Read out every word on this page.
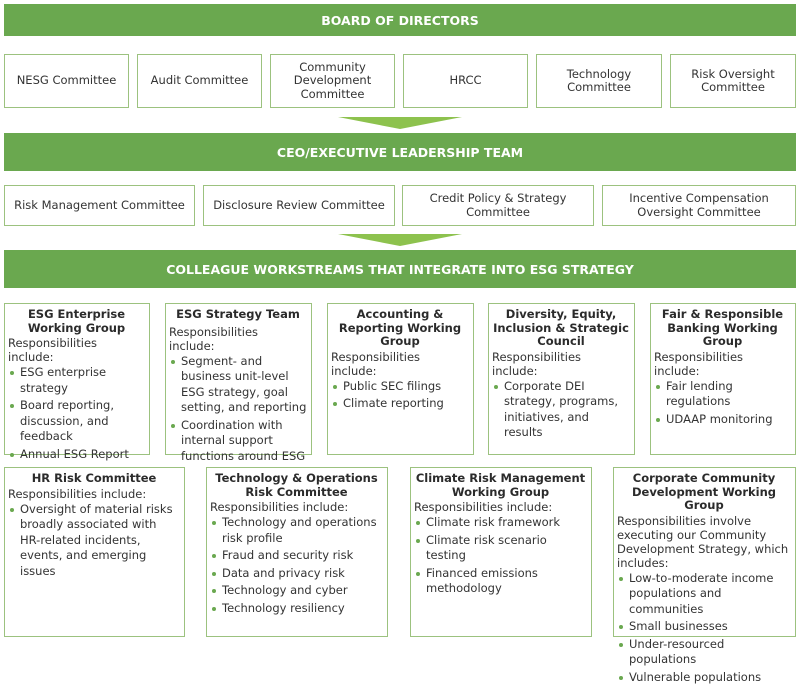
BOARD OF DIRECTORS
NESG Committee	Audit Committee
Community Development Committee
HRCC	Technology Committee
Risk Oversight Committee
CEO/EXECUTIVE LEADERSHIP TEAM
Risk Management Committee	Disclosure Review Committee	Credit Policy & Strategy Committee
Incentive Compensation Oversight Committee
COLLEAGUE WORKSTREAMS THAT INTEGRATE INTO ESG STRATEGY
ESG Enterprise Working Group
Responsibilities include:
ESG enterprise strategy
Board reporting, discussion, and feedback
Annual ESG Report
ESG Strategy Team
Responsibilities include:
Segment- and business unit-level ESG strategy, goal setting, and reporting
Coordination with internal support functions around ESG
Accounting & Reporting Working Group
Responsibilities include:
Public SEC filings
Climate reporting
Diversity, Equity, Inclusion & Strategic Council
Responsibilities include:
Corporate DEI strategy, programs, initiatives, and results
Fair & Responsible Banking Working Group
Responsibilities include:
Fair lending regulations
UDAAP monitoring
HR Risk Committee
Responsibilities include:
Oversight of material risks broadly associated with HR-related incidents, events, and emerging issues
Technology & Operations Risk Committee
Responsibilities include:
Technology and operations risk profile
Fraud and security risk
Data and privacy risk
Technology and cyber
Technology resiliency
Climate Risk Management Working Group
Responsibilities include:
Climate risk framework
Climate risk scenario testing
Financed emissions methodology
Corporate Community Development Working Group
Responsibilities involve executing our Community Development Strategy, which includes:
Low-to-moderate income populations and communities
Small businesses
Under-resourced populations
Vulnerable populations
